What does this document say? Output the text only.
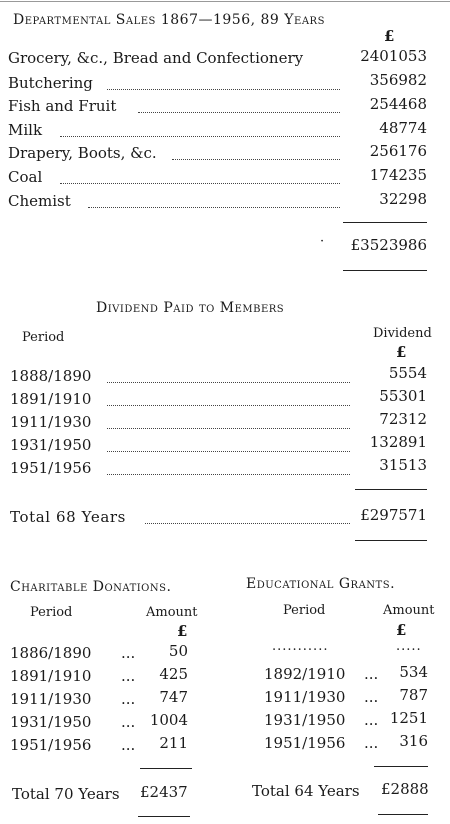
Departmental Sales 1867—1956, 89 Years
£
Grocery, &c., Bread and Confectionery	2401053
Butchering	356982
Fish and Fruit	254468
Milk	48774
Drapery, Boots, &c.	256176
Coal	174235
Chemist	32298
· £3523986
Dividend Paid to Members
Period	Dividend
£
1888/1890	5554
1891/1910	55301
1911/1930	72312
1931/1950	132891
1951/1956	31513
Total 68 Years	£297571
Charitable Donations.
Period	Amount
£
1886/1890 ...	50
1891/1910 ...	425
1911/1930 ...	747
1931/1950 ... 1004
1951/1956 ...	211
Total 70 Years £2437
Educational Grants.
Period	Amount
£
...........	.....
1892/1910 ...	534
1911/1930 ...	787
1931/1950 ... 1251
1951/1956 ...	316
Total 64 Years £2888
